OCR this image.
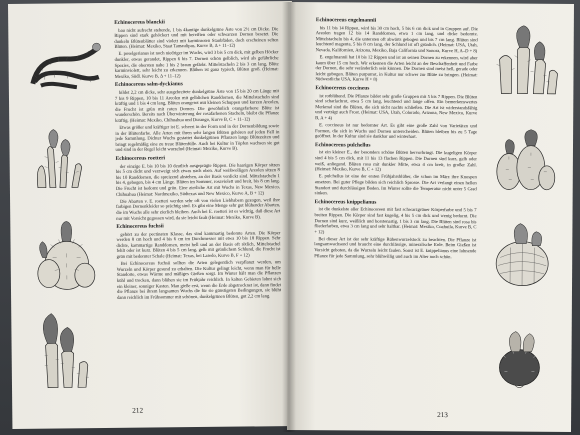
Echinocereus blanckii

bau nicht aufrecht stehende, 1 bis 4kantige dunkelgrüne Äste von 2½ cm Dicke. Die Rippen sind stark gehöckert und mit bereiften oder schwarzen Dornen besetzt. Die dunkeln Blütenblätter sind violett mit karminroten Staubfäden, doch erscheinen selten Blüten. (Heimat: Mexiko, Staat Tamaulipas, Kurve B, Δ + 11–12)

E. poselgerianus ist noch niedriger im Wuchs, wird 3 bis 5 cm dick, mit gelben Höcker dunkler, etwas gerandet, Rippen 6 bis 7. Dornen schön gelblich, wird als gefährliche Spezies, die obersten nahe 1 bis 2 braun gefärbt. Mittelstacheln 2 bis 3 cm lang, Blüte karminviolett, sehr leicht zu erkennen. Blühen ist ganz typisch, Blüten groß. (Heimat: Mexiko, Südl. Kurve B, Δ + 11–12)

Echinocereus salm-dyckianus

bildet 2,2 cm dicke, sehr ausgebreitete dunkelgrüne Äste von 15 bis 20 cm Länge mit 7 bis 9 Rippen, 10 bis 11 Areolen mit gelblichen Randdornen, die Mittelstacheln sind kräftig und 1 bis 4 cm lang, Blüten orangerot mit kleinen Schuppen und kurzen Areolen, die Frucht ist grün mit roten Dornen. Die gewöhnlich orangefarbene Blüte ist wunderschön. Bereits nach Überwinterung der rosafarbenen Stacheln, bleibt die Pflanze kräftig. (Heimat: Mexiko, Chihuahua und Durango, Kurve B, C + 11–12)

Etwas größer und kräftiger ist E. scheeri in der Form und in der Dornenbildung sowie in der Blütenfarbe. Alle Arten mit ihren sehr langen Blüten gehören auf jeden Fall in jede Sammlung. Dichter Wuchs gestattet dunkelgrünen Pflanzen lange Blütezeiten und bringt regelmäßig eine zu treue Blütenfülle. Auch bei Kultur in Töpfen wachsen sie gut und sind in der Regel leicht wurzelnd (Heimat: Mexiko, Kurve B).

Echinocereus roetteri

der einzige E. bis 10 bis 10 deutlich ausgeprägte Rippen. Die haarigen Körper sitzen bis 5 cm dicht und verzweigt sich etwas nach oben. Auf weißwolligen Areolen sitzen 8 bis 10 Randdornen, die spreizend abstehen, an der Basis verdickt sind. Mittelstacheln 1 bis 4, gebogen, bis 4 cm Länge. Blüten im Sommer, rosaviolett und breit, bis 8 cm lang. Die Frucht ist bedornt und grün. Eine zierliche Art mit Wuchs in Texas, New Mexico, Chihuahua (Heimat: Nordmexiko, Südtexas und New Mexico, Kurve A, B + 12)

Die Abarten v. E. roetteri werden sehr oft von vielen Liebhabern gezogen, weil ihre farbigen Dornenkleider so prächtig sind. Es gibt eine Menge sehr gut blühender Abarten, die im Wuchs alle sehr zierlich bleiben. Auch bei E. roetteri ist es wichtig, daß diese Art nur mit Vorsicht gegossen wird, da sie leicht fault (Heimat: Mexiko, Kurve B).

Echinocereus fuchsii

gehört zu der pectinaten Klasse, das sind kammartig bedornte Arten. Die Körper werden 8 cm hoch und 4 bis 6 cm im Durchmesser mit etwa 10 bis 18 Rippen. Sehr dichte, kammartige Randdornen, meist hell und an der Basis oft rötlich, Mittelstachel fehlt oder ist kurz. Blüten 4 bis 5 cm lang, gelb mit grünlichem Schlund, die Frucht ist grün mit bedornter Schale (Heimat: Texas, bei Laredo, Kurve B, F + 12)

Bei Echinocereus fuchsii sollten die Arten gelegentlich verpflanzt werden, um Wurzeln und Körper gesund zu erhalten. Die Kultur gelingt leicht, wenn man für helle Standorte, etwas Wärme und mäßiges Gießen sorgt. Im Winter hält man die Pflanzen kühl und trocken, dann blühen sie im Frühjahr reichlich. In kalten Gebieten lohnt sich ein kleiner, sonniger Kasten. Man gieße erst, wenn die Erde abgetrocknet ist, dann findet die Pflanze bei ihrem langsamen Wuchs die für sie günstigsten Bedingungen, sie blüht dann reichlich im Frühsommer mit schönen, dunkelgrünen Blüten, gut 2,2 cm lang.

212
Echinocereus engelmannii

bis 11 bis 14 Rippen, wird bis 30 cm hoch, 5 bis 6 cm dick und in Gruppen auf. Die Areolen tragen 12 bis 14 Randdornen, etwa 1 cm lang, und dicke bedornte. Mittelstacheln bis 4, die untersten oft abwärts gebogen und bis 7 cm lang. Blüten sind leuchtend magenta, 5 bis 8 cm lang, der Schlund ist oft grünlich. (Heimat: USA, Utah, Nevada, Kalifornien, Arizona, Mexiko, Baja California und Sonora, Kurve H, A–D + 8)

E. engelmannii hat 10 bis 12 Rippen und ist an seinen Dornen zu erkennen, wird aber kaum über 15 cm hoch. Wir erkennen die Arten leicht an der Beschaffenheit und Farbe der Dornen, die sehr veränderlich sein können. Die Dornen sind meist hell, gerade oder leicht gebogen. Blüten purpurrot, in Kultur nur schwer zur Blüte zu bringen. (Heimat: Südwestliche USA, Kurve H + 8)

Echinocereus coccineus

ist rotblühend. Die Pflanze bildet sehr große Gruppen mit 5 bis 7 Rippen. Die Blüten sind scharlachrot, etwa 5 cm lang, leuchtend und lange offen. Ein bemerkenswertes Merkmal sind die Blüten, die sich nicht nachts schließen. Die Art ist widerstandsfähig und verträgt auch Frost. (Heimat: USA, Utah, Colorado, Arizona, New Mexico, Kurve B, A + 4)

E. coccineus ist nur bedornter Art. Es gibt eine große Zahl von Varietäten und Formen, die sich in Wuchs und Dornen unterscheiden. Blüten bleiben bis zu 5 Tage geöffnet. In der Kultur sind sie dankbar und winterhart.

Echinocereus pulchellus

ist ein kleiner E., der besonders schöne Blüten hervorbringt. Die kugeligen Körper sind 4 bis 5 cm dick, mit 11 bis 13 flachen Rippen. Die Dornen sind kurz, gelb oder weiß, anliegend. Blüten rosa mit dunkler Mitte, etwa 4 cm breit, in großer Zahl. (Heimat: Mexiko, Kurve B, C + 12)

E. pulchellus ist eine der ersten Frühjahrsblüher, die schon im März ihre Knospen ansetzen. Bei guter Pflege bilden sich reichlich Sprosse. Die Art verlangt einen hellen Standort und durchlässigen Boden. Im Winter sollte die Temperatur nicht unter 5 Grad sinken.

Echinocereus knippelianus

ist die dunkelste aller Echinocereen mit fast schwarzgrüner Körperfarbe und 5 bis 7 breiten Rippen. Die Körper sind fast kugelig, 4 bis 5 cm dick und wenig bedornt. Die Dornen sind kurz, weißlich und borstenartig, 1 bis 3 cm lang. Die Blüten sind rosa bis fliederfarben, etwa 3 cm lang und sehr haltbar. (Heimat: Mexiko, Coahuila, Kurve B, C + 12)

Bei dieser Art ist der sehr kräftige Rübenwurzelstock zu beachten. Die Pflanze ist langsamwachsend und braucht eine durchlässige, mineralische Erde. Beim Gießen ist Vorsicht geboten, da die Wurzeln leicht faulen. Sonst ist E. knippelianus eine lohnende Pflanze für jede Sammlung, sehr blühwillig und auch im Alter noch schön.

213
